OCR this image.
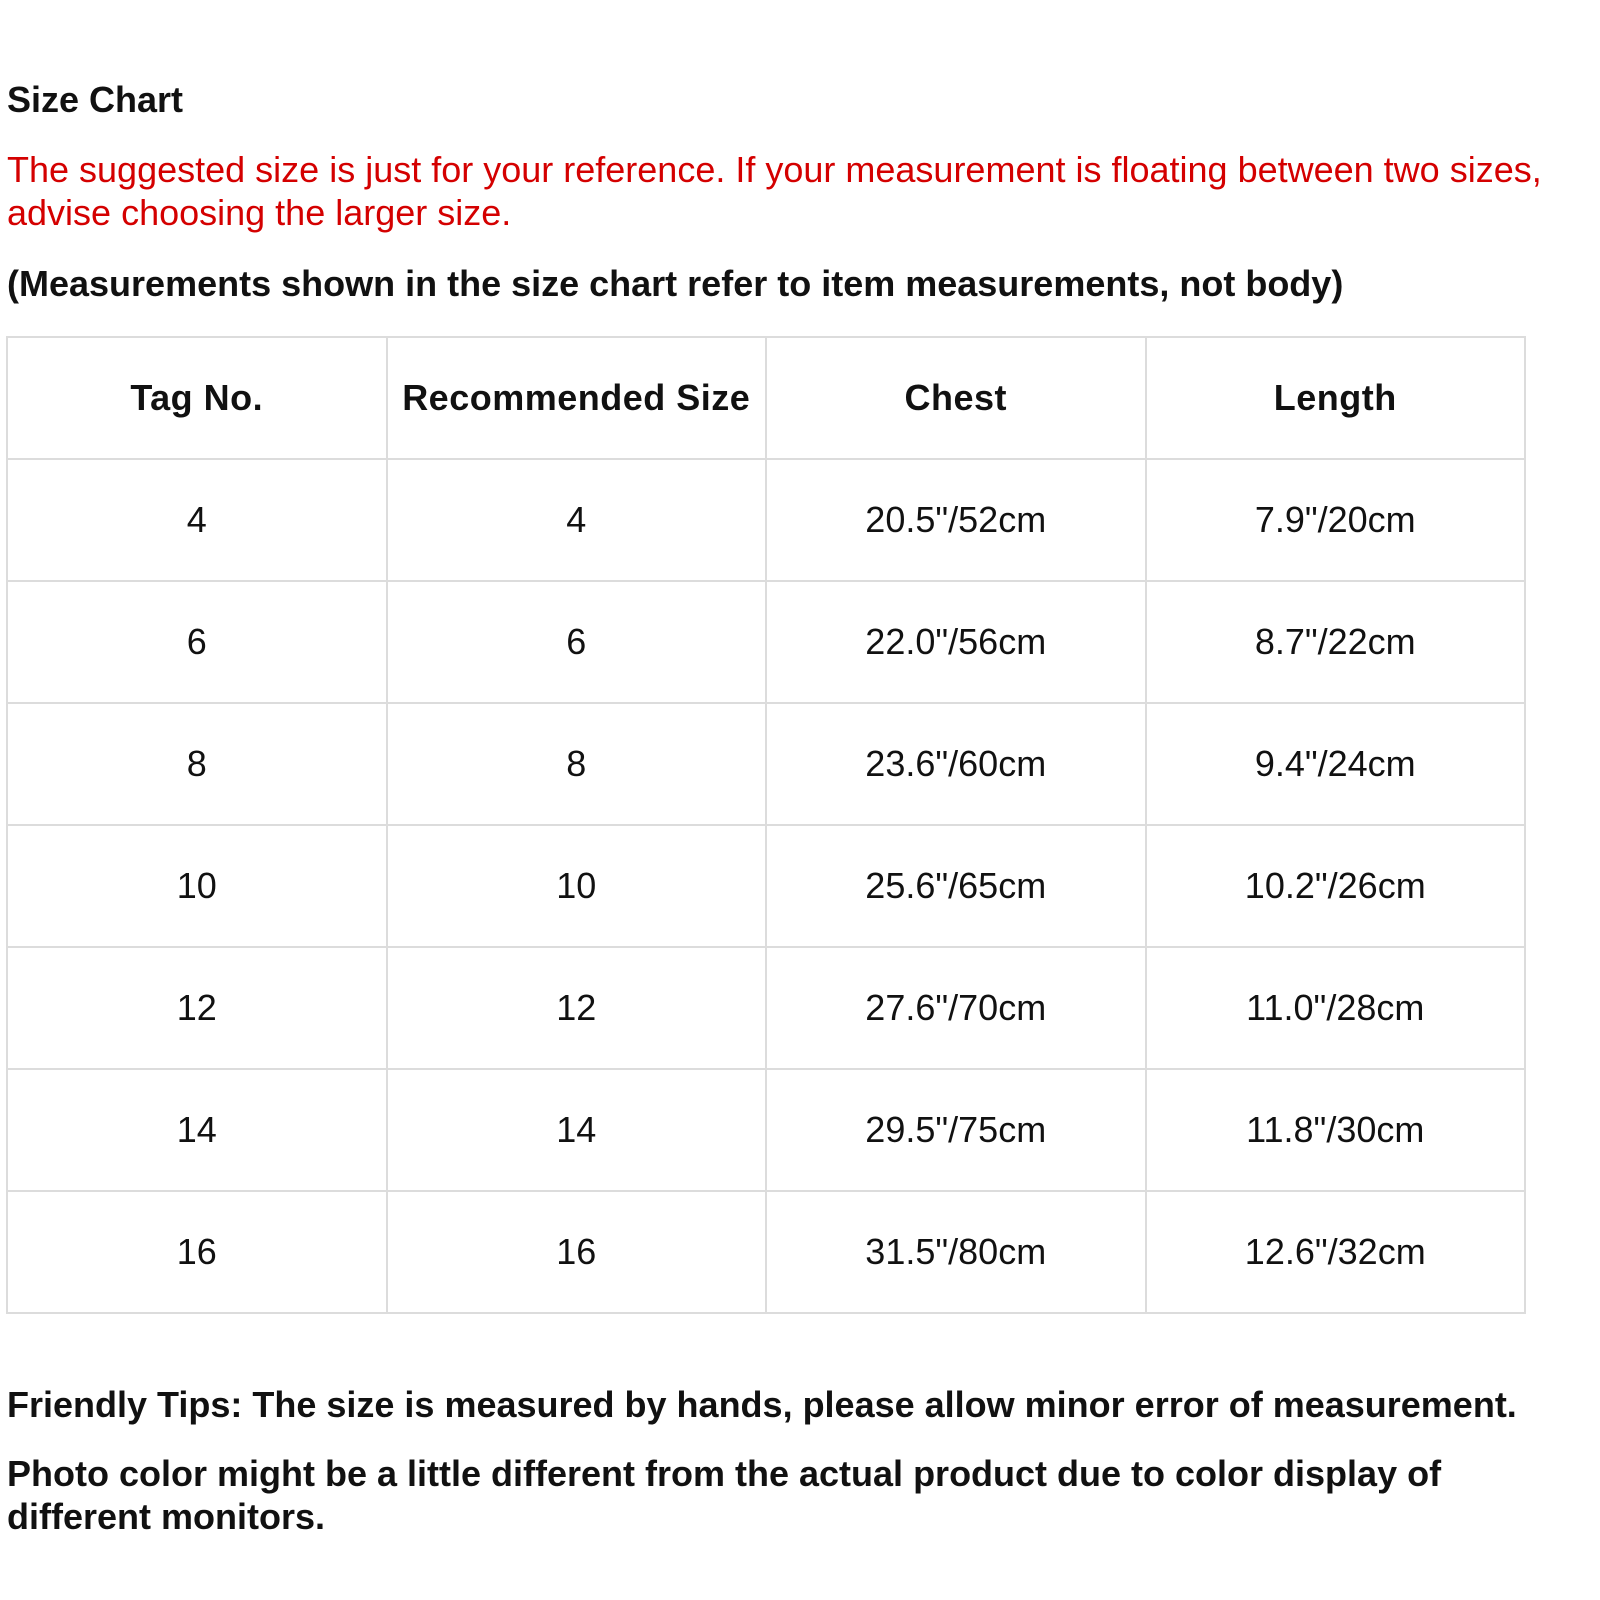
Size Chart
The suggested size is just for your reference. If your measurement is floating between two sizes, advise choosing the larger size.
(Measurements shown in the size chart refer to item measurements, not body)
Tag No.	Recommended Size	Chest	Length
4	4	20.5"/52cm	7.9"/20cm
6	6	22.0"/56cm	8.7"/22cm
8	8	23.6"/60cm	9.4"/24cm
10	10	25.6"/65cm	10.2"/26cm
12	12	27.6"/70cm	11.0"/28cm
14	14	29.5"/75cm	11.8"/30cm
16	16	31.5"/80cm	12.6"/32cm
Friendly Tips: The size is measured by hands, please allow minor error of measurement.
Photo color might be a little different from the actual product due to color display of different monitors.
